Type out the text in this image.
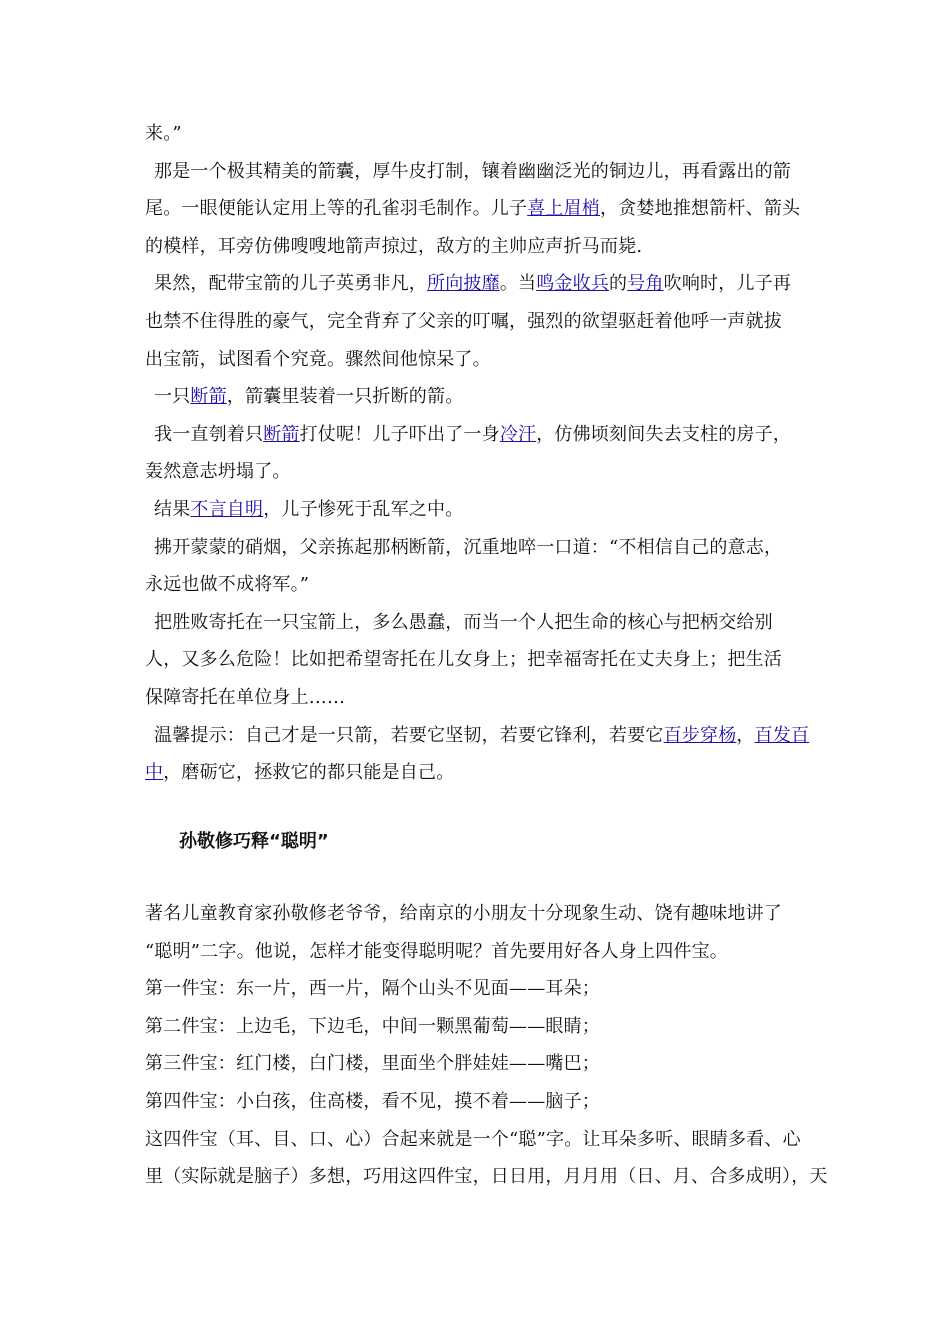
来。”
那是一个极其精美的箭囊，厚牛皮打制，镶着幽幽泛光的铜边儿，再看露出的箭
尾。一眼便能认定用上等的孔雀羽毛制作。儿子喜上眉梢，贪婪地推想箭杆、箭头
的模样，耳旁仿佛嗖嗖地箭声掠过，敌方的主帅应声折马而毙.
果然，配带宝箭的儿子英勇非凡，所向披靡。当鸣金收兵的号角吹响时，儿子再
也禁不住得胜的豪气，完全背弃了父亲的叮嘱，强烈的欲望驱赶着他呼一声就拔
出宝箭，试图看个究竟。骤然间他惊呆了。
一只断箭，箭囊里装着一只折断的箭。
我一直刳着只断箭打仗呢！儿子吓出了一身冷汗，仿佛顷刻间失去支柱的房子，
轰然意志坍塌了。
结果不言自明，儿子惨死于乱军之中。
拂开蒙蒙的硝烟，父亲拣起那柄断箭，沉重地啐一口道：“不相信自己的意志，
永远也做不成将军。”
把胜败寄托在一只宝箭上，多么愚蠢，而当一个人把生命的核心与把柄交给别
人，又多么危险！比如把希望寄托在儿女身上；把幸福寄托在丈夫身上；把生活
保障寄托在单位身上……
温馨提示：自己才是一只箭，若要它坚韧，若要它锋利，若要它百步穿杨，百发百
中，磨砺它，拯救它的都只能是自己。
孙敬修巧释“聪明”
著名儿童教育家孙敬修老爷爷，给南京的小朋友十分现象生动、饶有趣味地讲了
“聪明”二字。他说，怎样才能变得聪明呢？首先要用好各人身上四件宝。
第一件宝：东一片，西一片，隔个山头不见面——耳朵；
第二件宝：上边毛，下边毛，中间一颗黑葡萄——眼睛；
第三件宝：红门楼，白门楼，里面坐个胖娃娃——嘴巴；
第四件宝：小白孩，住高楼，看不见，摸不着——脑子；
这四件宝（耳、目、口、心）合起来就是一个“聪”字。让耳朵多听、眼睛多看、心
里（实际就是脑子）多想，巧用这四件宝，日日用，月月用（日、月、合多成明），天
